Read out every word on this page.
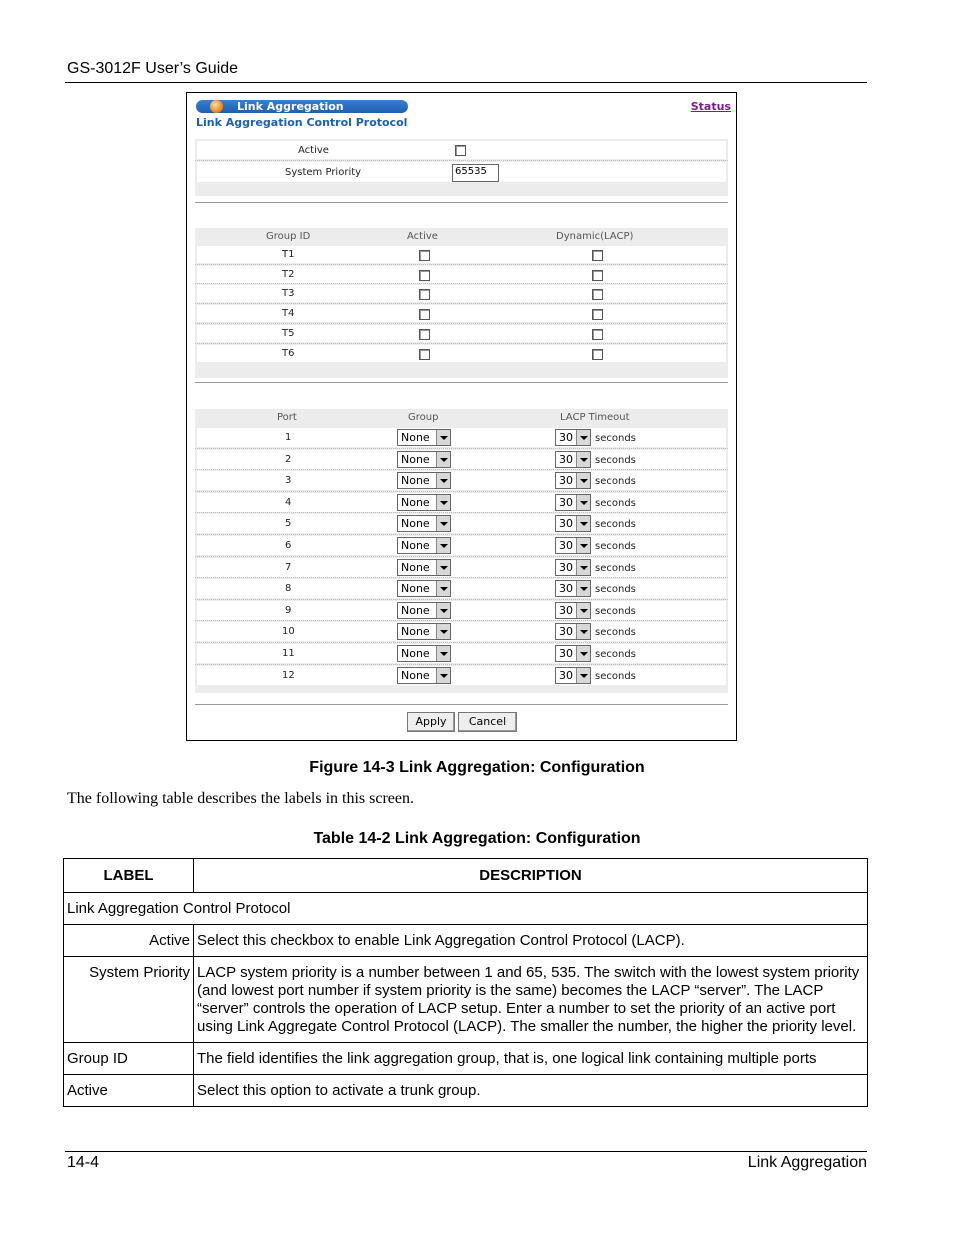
GS-3012F User’s Guide
Link Aggregation
Link Aggregation Control Protocol
Status
Active
System Priority	65535
Group ID	Active	Dynamic(LACP)
T1
T2
T3
T4
T5
T6
Port	Group	LACP Timeout
1	None	30 seconds
2	None	30 seconds
3	None	30 seconds
4	None	30 seconds
5	None	30 seconds
6	None	30 seconds
7	None	30 seconds
8	None	30 seconds
9	None	30 seconds
10	None	30 seconds
11	None	30 seconds
12	None	30 seconds
Apply	Cancel
Figure 14-3 Link Aggregation: Configuration
The following table describes the labels in this screen.
Table 14-2 Link Aggregation: Configuration
LABEL	DESCRIPTION
Link Aggregation Control Protocol	
Active	Select this checkbox to enable Link Aggregation Control Protocol (LACP).
System Priority	LACP system priority is a number between 1 and 65, 535. The switch with the lowest system priority (and lowest port number if system priority is the same) becomes the LACP “server”. The LACP “server” controls the operation of LACP setup. Enter a number to set the priority of an active port using Link Aggregate Control Protocol (LACP). The smaller the number, the higher the priority level.
Group ID	The field identifies the link aggregation group, that is, one logical link containing multiple ports
Active	Select this option to activate a trunk group.
14-4	Link Aggregation
